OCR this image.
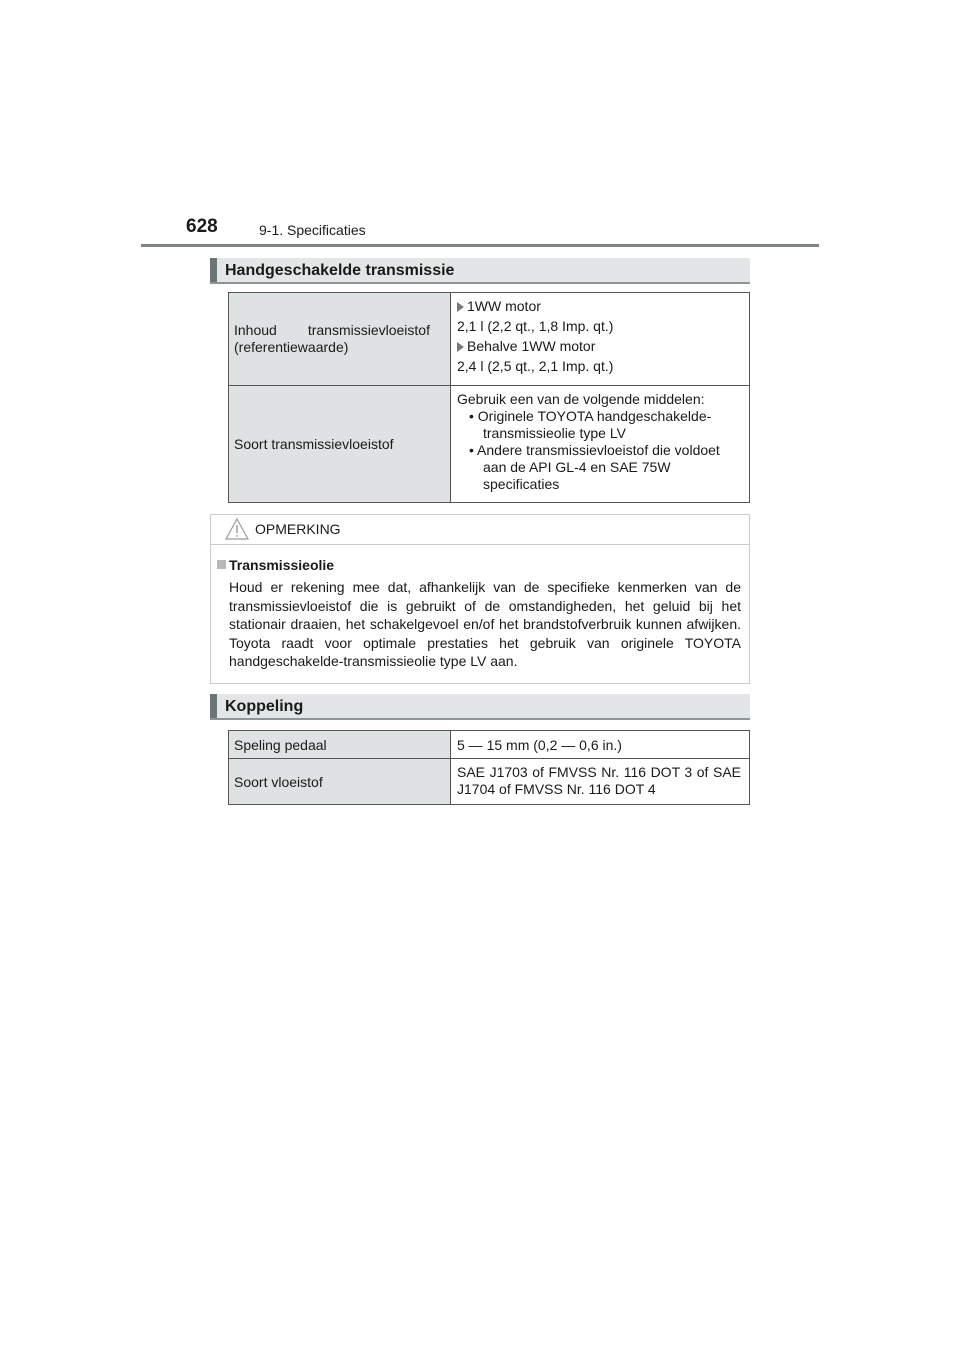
628	9-1. Specificaties
Handgeschakelde transmissie
Inhoud transmissievloeistof (referentiewaarde)	1WW motor
2,1 l (2,2 qt., 1,8 Imp. qt.)
Behalve 1WW motor
2,4 l (2,5 qt., 2,1 Imp. qt.)

Soort transmissievloeistof	Gebruik een van de volgende middelen:
• Originele TOYOTA handgeschakelde-transmissieolie type LV
• Andere transmissievloeistof die voldoet aan de API GL-4 en SAE 75W specificaties
OPMERKING
Transmissieolie
Houd er rekening mee dat, afhankelijk van de specifieke kenmerken van de transmissievloeistof die is gebruikt of de omstandigheden, het geluid bij het stationair draaien, het schakelgevoel en/of het brandstofverbruik kunnen afwijken. Toyota raadt voor optimale prestaties het gebruik van originele TOYOTA handgeschakelde-transmissieolie type LV aan.
Koppeling
Speling pedaal	5 — 15 mm (0,2 — 0,6 in.)
Soort vloeistof	SAE J1703 of FMVSS Nr. 116 DOT 3 of SAE J1704 of FMVSS Nr. 116 DOT 4
